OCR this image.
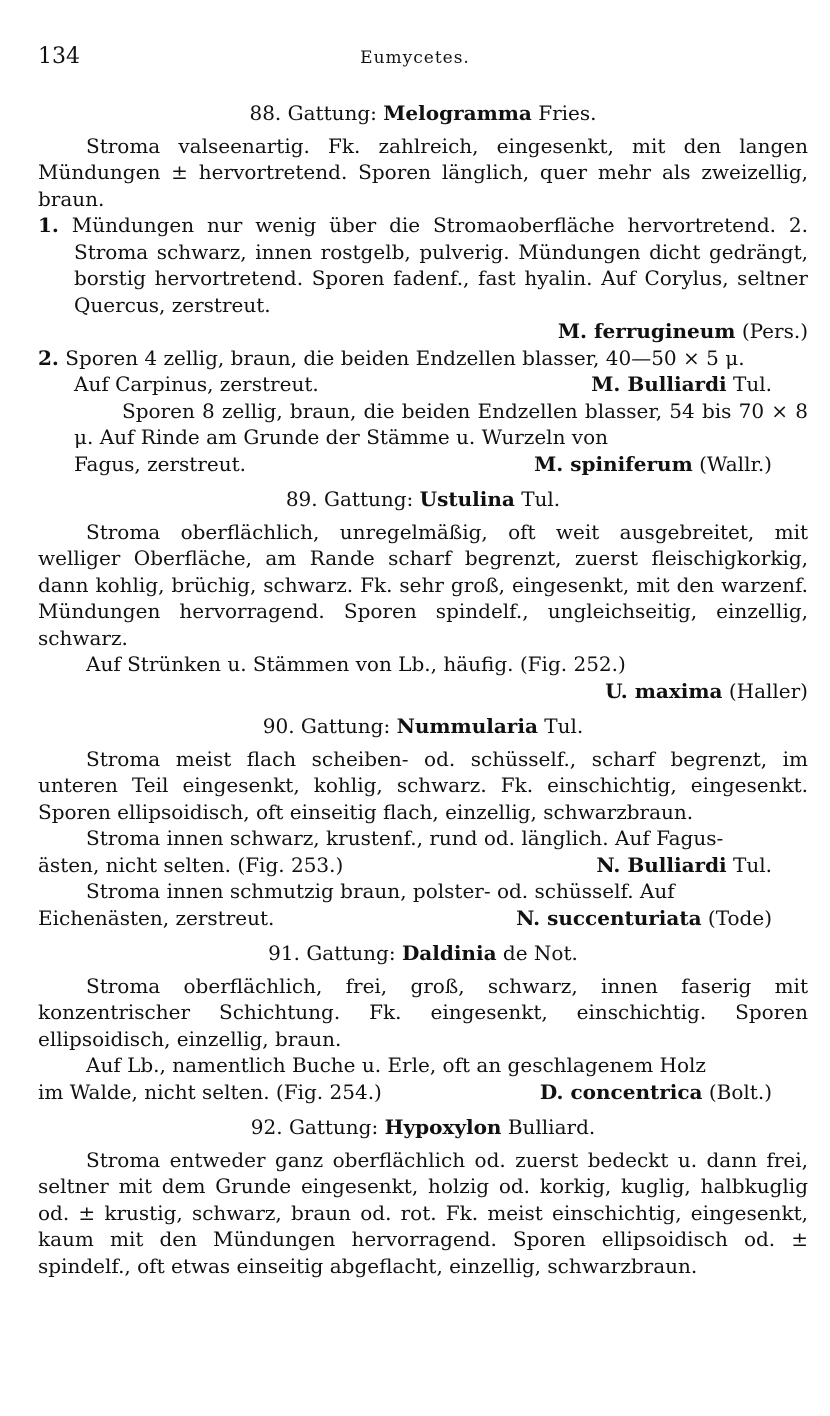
134	Eumycetes.
88. Gattung: Melogramma Fries.

Stroma valseenartig. Fk. zahlreich, eingesenkt, mit den langen Mündungen ± hervortretend. Sporen länglich, quer mehr als zweizellig, braun.

1. Mündungen nur wenig über die Stromaoberfläche hervortretend. 2. Stroma schwarz, innen rostgelb, pulverig. Mündungen dicht gedrängt, borstig hervortretend. Sporen fadenf., fast hyalin. Auf Corylus, seltner Quercus, zerstreut.

M. ferrugineum (Pers.)

2. Sporen 4 zellig, braun, die beiden Endzellen blasser, 40—50 × 5 μ.

Auf Carpinus, zerstreut.	M. Bulliardi Tul.

Sporen 8 zellig, braun, die beiden Endzellen blasser, 54 bis 70 × 8 μ. Auf Rinde am Grunde der Stämme u. Wurzeln von

Fagus, zerstreut.	M. spiniferum (Wallr.)
89. Gattung: Ustulina Tul.

Stroma oberflächlich, unregelmäßig, oft weit ausgebreitet, mit welliger Oberfläche, am Rande scharf begrenzt, zuerst fleischigkorkig, dann kohlig, brüchig, schwarz. Fk. sehr groß, eingesenkt, mit den warzenf. Mündungen hervorragend. Sporen spindelf., ungleichseitig, einzellig, schwarz.

Auf Strünken u. Stämmen von Lb., häufig. (Fig. 252.)

U. maxima (Haller)
90. Gattung: Nummularia Tul.

Stroma meist flach scheiben- od. schüsself., scharf begrenzt, im unteren Teil eingesenkt, kohlig, schwarz. Fk. einschichtig, eingesenkt. Sporen ellipsoidisch, oft einseitig flach, einzellig, schwarzbraun.

Stroma innen schwarz, krustenf., rund od. länglich. Auf Fagus-

ästen, nicht selten. (Fig. 253.)	N. Bulliardi Tul.

Stroma innen schmutzig braun, polster- od. schüsself. Auf

Eichenästen, zerstreut.	N. succenturiata (Tode)
91. Gattung: Daldinia de Not.

Stroma oberflächlich, frei, groß, schwarz, innen faserig mit konzentrischer Schichtung. Fk. eingesenkt, einschichtig. Sporen ellipsoidisch, einzellig, braun.

Auf Lb., namentlich Buche u. Erle, oft an geschlagenem Holz

im Walde, nicht selten. (Fig. 254.)	D. concentrica (Bolt.)
92. Gattung: Hypoxylon Bulliard.

Stroma entweder ganz oberflächlich od. zuerst bedeckt u. dann frei, seltner mit dem Grunde eingesenkt, holzig od. korkig, kuglig, halbkuglig od. ± krustig, schwarz, braun od. rot. Fk. meist einschichtig, eingesenkt, kaum mit den Mündungen hervorragend. Sporen ellipsoidisch od. ± spindelf., oft etwas einseitig abgeflacht, einzellig, schwarzbraun.
